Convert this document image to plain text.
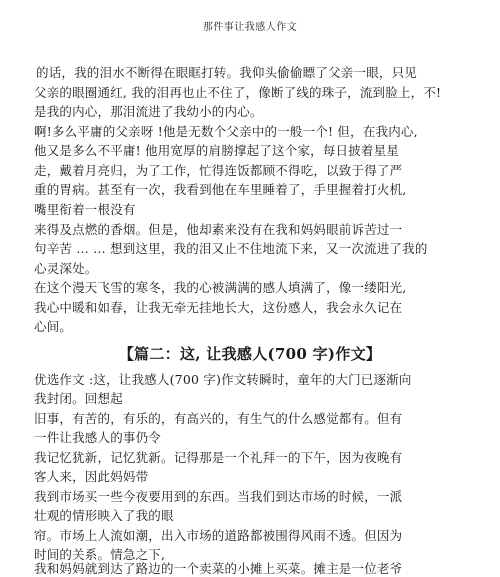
那件事让我感人作文
的话，我的泪水不断得在眼眶打转。我仰头偷偷瞟了父亲一眼，只见
父亲的眼圈通红, 我的泪再也止不住了，像断了线的珠子，流到脸上，不!
是我的内心，那泪流进了我幼小的内心。
啊!多么平庸的父亲呀 !他是无数个父亲中的一般一个! 但，在我内心,
他又是多么不平庸! 他用宽厚的肩膀撑起了这个家，每日披着星星
走，戴着月亮归，为了工作，忙得连饭都顾不得吃，以致于得了严
重的胃病。甚至有一次，我看到他在车里睡着了，手里握着打火机,
嘴里衔着一根没有
来得及点燃的香烟。但是，他却素来没有在我和妈妈眼前诉苦过一
句辛苦 … … 想到这里，我的泪又止不住地流下来，又一次流进了我的
心灵深处。
在这个漫天飞雪的寒冬，我的心被满满的感人填满了，像一缕阳光,
我心中暖和如春，让我无牵无挂地长大，这份感人，我会永久记在
心间。
【篇二：这, 让我感人(700 字)作文】
优选作文 :这，让我感人(700 字)作文转瞬时，童年的大门已逐渐向
我封闭。回想起
旧事，有苦的，有乐的，有高兴的，有生气的什么感觉都有。但有
一件让我感人的事仍令
我记忆犹新，记忆犹新。记得那是一个礼拜一的下午，因为夜晚有
客人来，因此妈妈带
我到市场买一些今夜要用到的东西。当我们到达市场的时候，一派
壮观的情形映入了我的眼
帘。市场上人流如潮，出入市场的道路都被围得风雨不透。但因为
时间的关系。情急之下,
我和妈妈就到达了路边的一个卖菜的小摊上买菜。摊主是一位老爷
